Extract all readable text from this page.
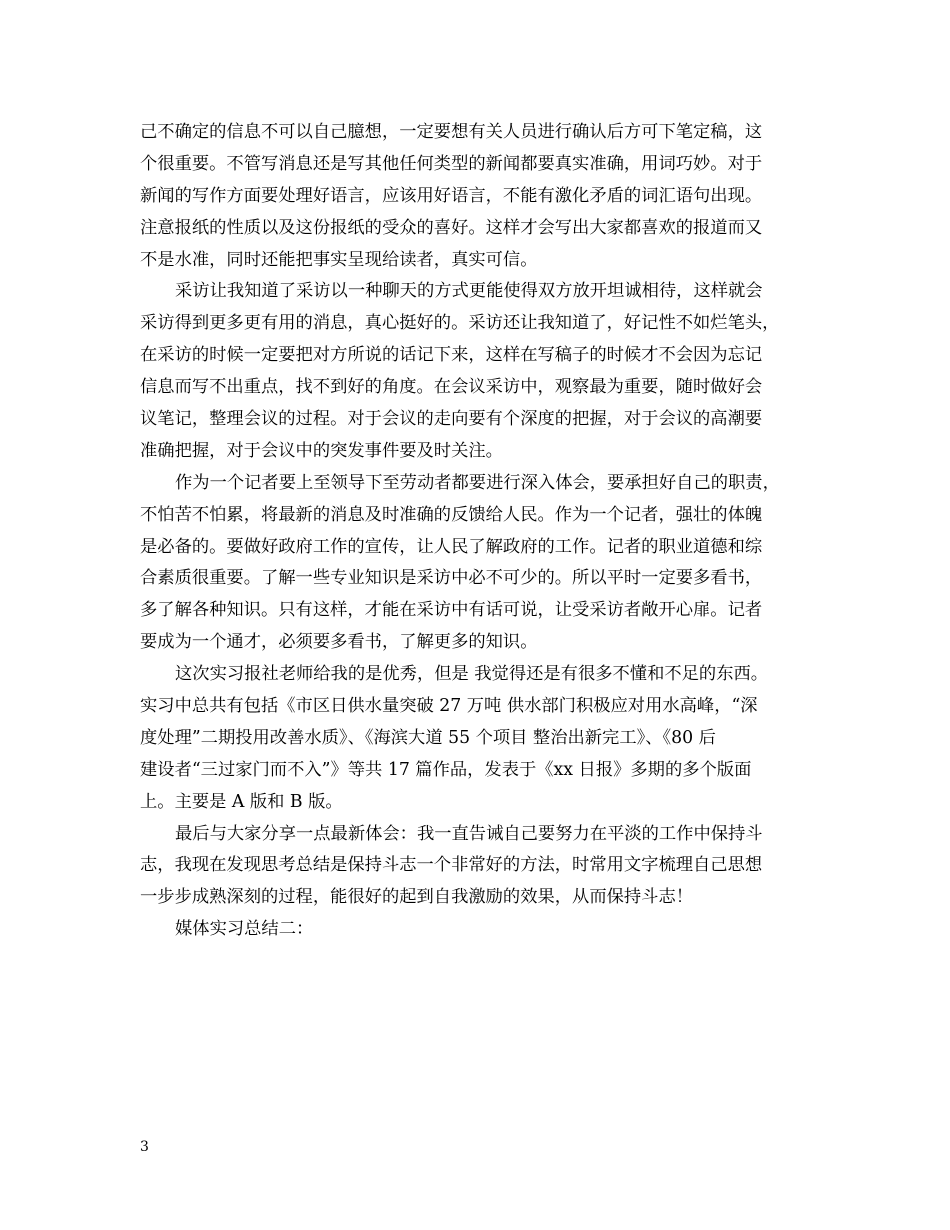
己不确定的信息不可以自己臆想，一定要想有关人员进行确认后方可下笔定稿，这
个很重要。不管写消息还是写其他任何类型的新闻都要真实准确，用词巧妙。对于
新闻的写作方面要处理好语言，应该用好语言，不能有激化矛盾的词汇语句出现。
注意报纸的性质以及这份报纸的受众的喜好。这样才会写出大家都喜欢的报道而又
不是水准，同时还能把事实呈现给读者，真实可信。
采访让我知道了采访以一种聊天的方式更能使得双方放开坦诚相待，这样就会
采访得到更多更有用的消息，真心挺好的。采访还让我知道了，好记性不如烂笔头，
在采访的时候一定要把对方所说的话记下来，这样在写稿子的时候才不会因为忘记
信息而写不出重点，找不到好的角度。在会议采访中，观察最为重要，随时做好会
议笔记，整理会议的过程。对于会议的走向要有个深度的把握，对于会议的高潮要
准确把握，对于会议中的突发事件要及时关注。
作为一个记者要上至领导下至劳动者都要进行深入体会，要承担好自己的职责，
不怕苦不怕累，将最新的消息及时准确的反馈给人民。作为一个记者，强壮的体魄
是必备的。要做好政府工作的宣传，让人民了解政府的工作。记者的职业道德和综
合素质很重要。了解一些专业知识是采访中必不可少的。所以平时一定要多看书，
多了解各种知识。只有这样，才能在采访中有话可说，让受采访者敞开心扉。记者
要成为一个通才，必须要多看书，了解更多的知识。
这次实习报社老师给我的是优秀，但是 我觉得还是有很多不懂和不足的东西。
实习中总共有包括《市区日供水量突破 27 万吨 供水部门积极应对用水高峰，“深
度处理”二期投用改善水质》、《海滨大道 55 个项目 整治出新完工》、《80 后
建设者“三过家门而不入”》等共 17 篇作品，发表于《xx 日报》多期的多个版面
上。主要是 A 版和 B 版。
最后与大家分享一点最新体会：我一直告诫自己要努力在平淡的工作中保持斗
志，我现在发现思考总结是保持斗志一个非常好的方法，时常用文字梳理自己思想
一步步成熟深刻的过程，能很好的起到自我激励的效果，从而保持斗志！
媒体实习总结二：
3
